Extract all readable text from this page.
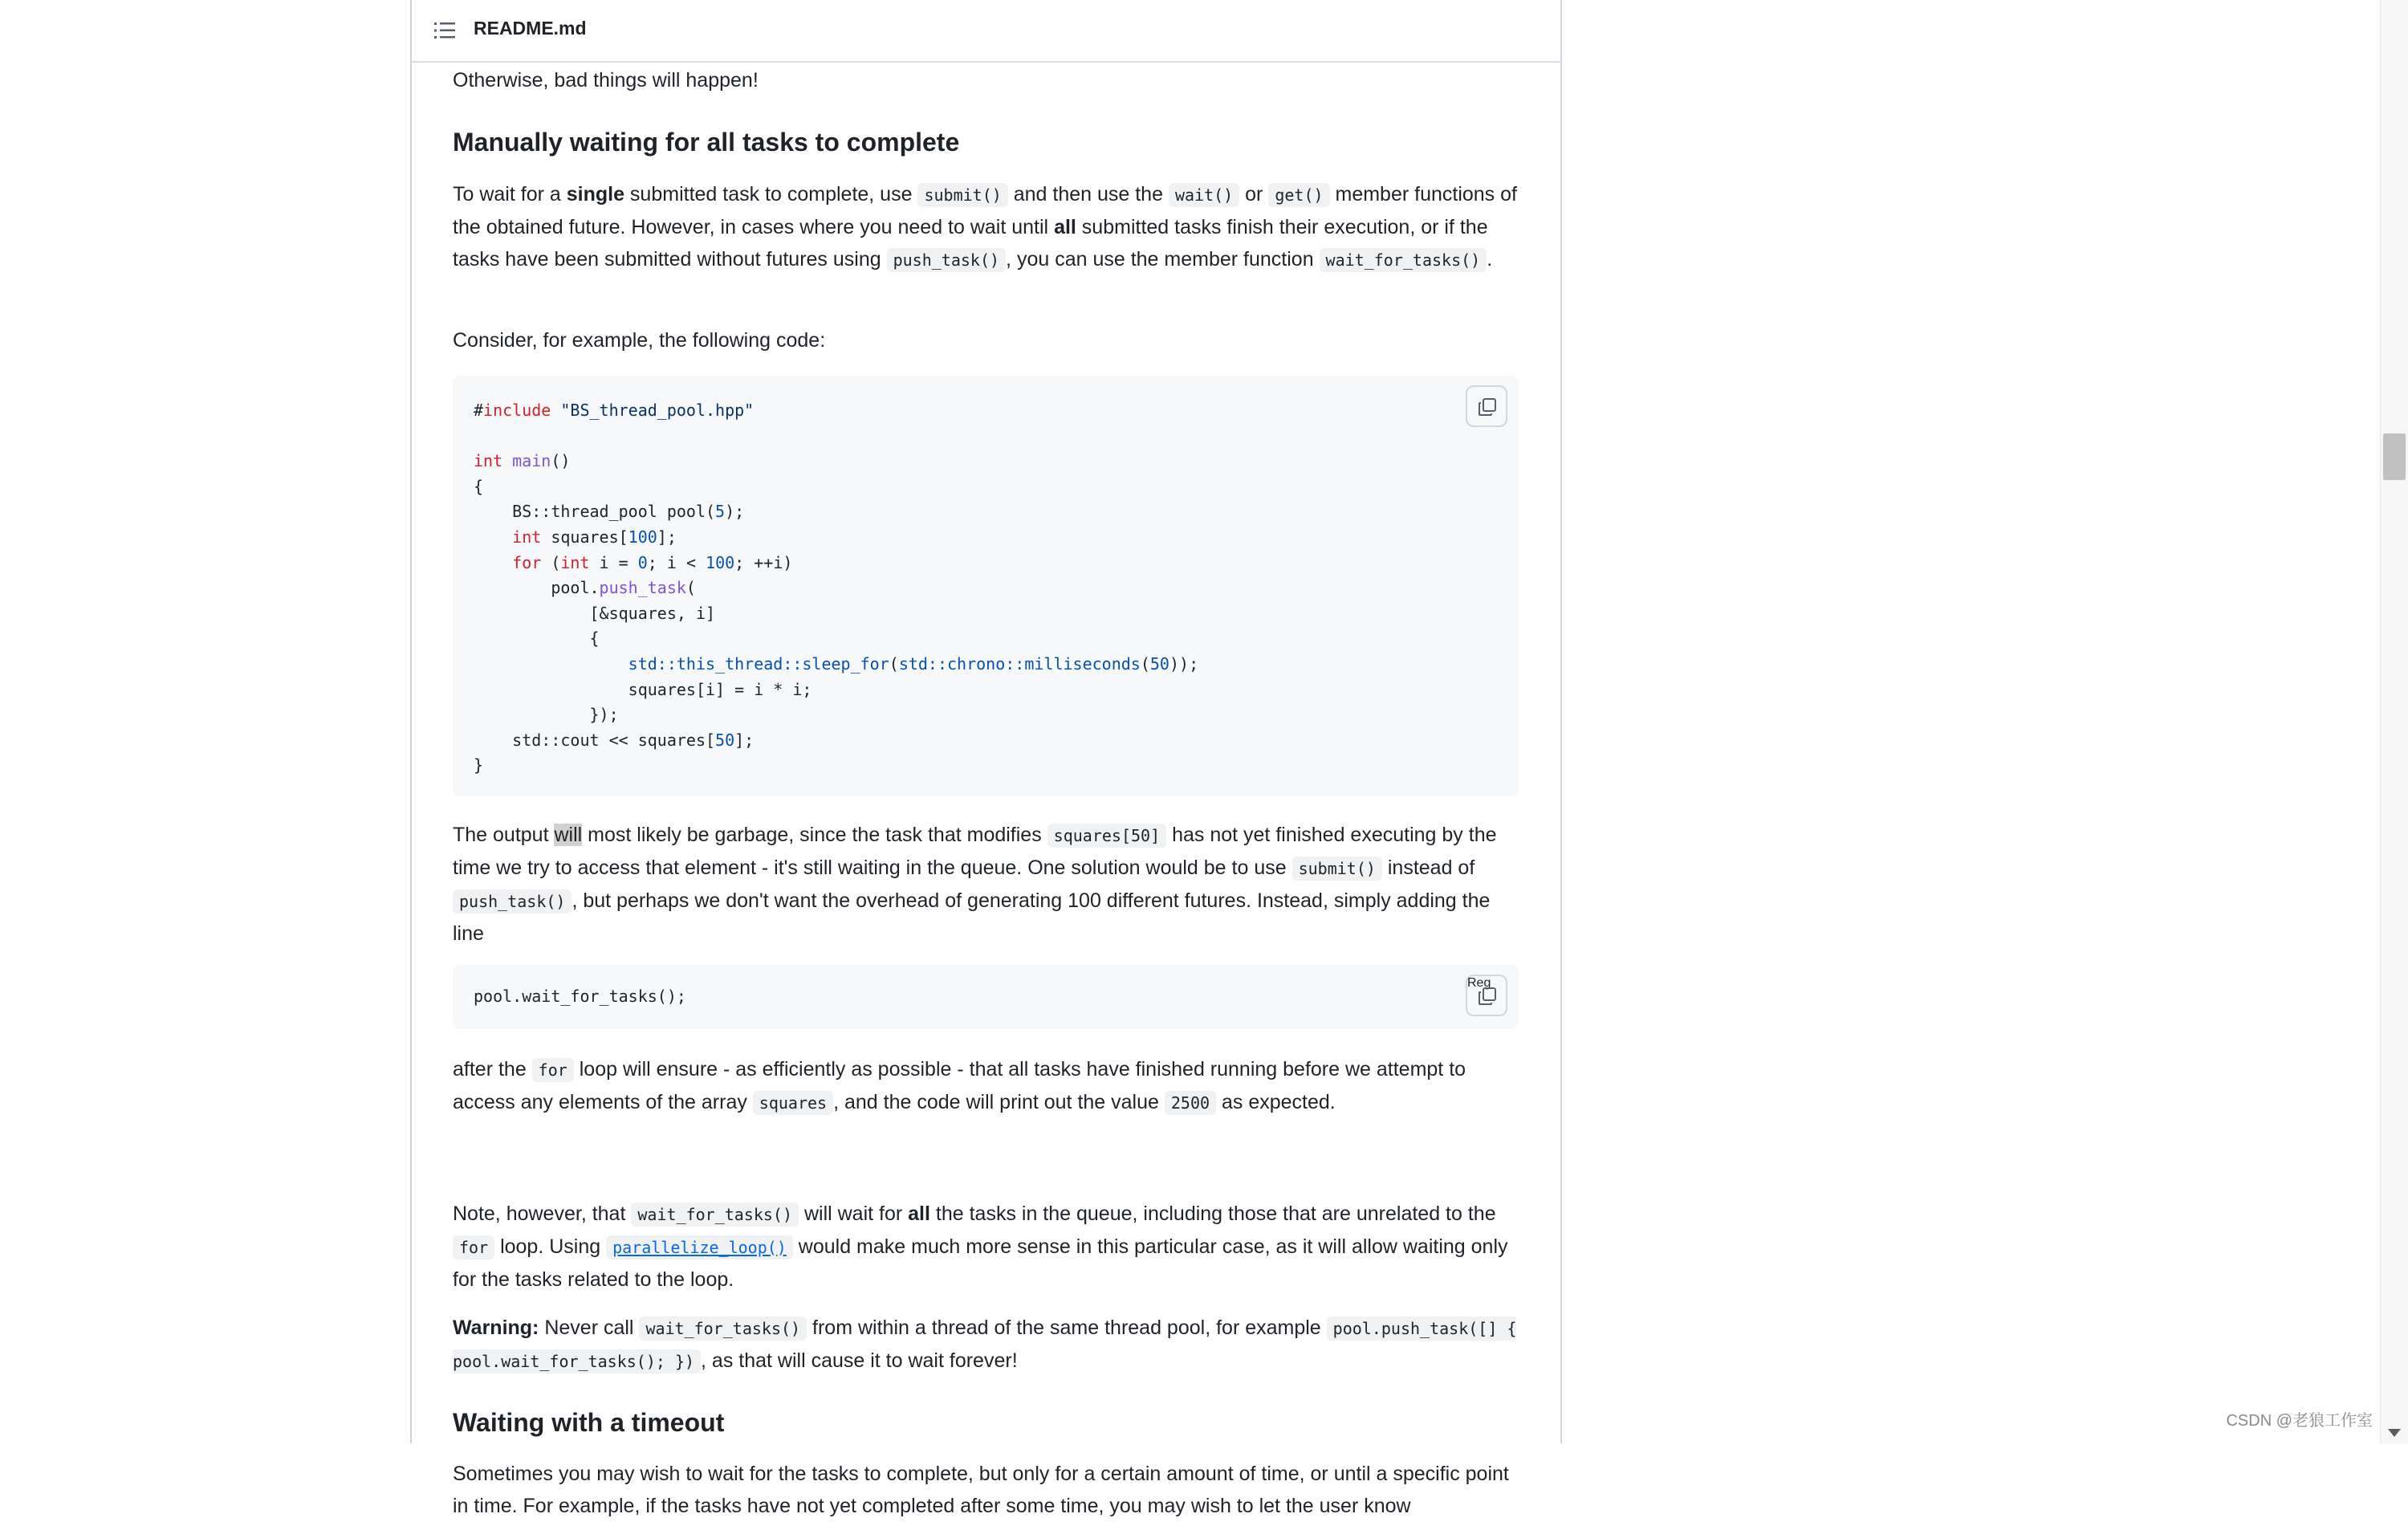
README.md

Otherwise, bad things will happen!

Manually waiting for all tasks to complete

To wait for a single submitted task to complete, use submit() and then use the wait() or get() member functions of the obtained future. However, in cases where you need to wait until all submitted tasks finish their execution, or if the tasks have been submitted without futures using push_task() , you can use the member function wait_for_tasks() .

Consider, for example, the following code:

#include "BS_thread_pool.hpp"

int main()
{
BS::thread_pool pool(5);
int squares[100];
for (int i = 0; i < 100; ++i)
pool.push_task(
[&squares, i]
{
std::this_thread::sleep_for(std::chrono::milliseconds(50));
squares[i] = i * i;
});
std::cout << squares[50];
}

The output will most likely be garbage, since the task that modifies squares[50] has not yet finished executing by the time we try to access that element - it's still waiting in the queue. One solution would be to use submit() instead of push_task() , but perhaps we don't want the overhead of generating 100 different futures. Instead, simply adding the line

pool.wait_for_tasks();
Reg

after the for loop will ensure - as efficiently as possible - that all tasks have finished running before we attempt to access any elements of the array squares , and the code will print out the value 2500 as expected.

Note, however, that wait_for_tasks() will wait for all the tasks in the queue, including those that are unrelated to the for loop. Using parallelize_loop() would make much more sense in this particular case, as it will allow waiting only for the tasks related to the loop.

Warning: Never call wait_for_tasks() from within a thread of the same thread pool, for example pool.push_task([] { pool.wait_for_tasks(); }) , as that will cause it to wait forever!

Waiting with a timeout

Sometimes you may wish to wait for the tasks to complete, but only for a certain amount of time, or until a specific point in time. For example, if the tasks have not yet completed after some time, you may wish to let the user know

CSDN @老狼工作室
